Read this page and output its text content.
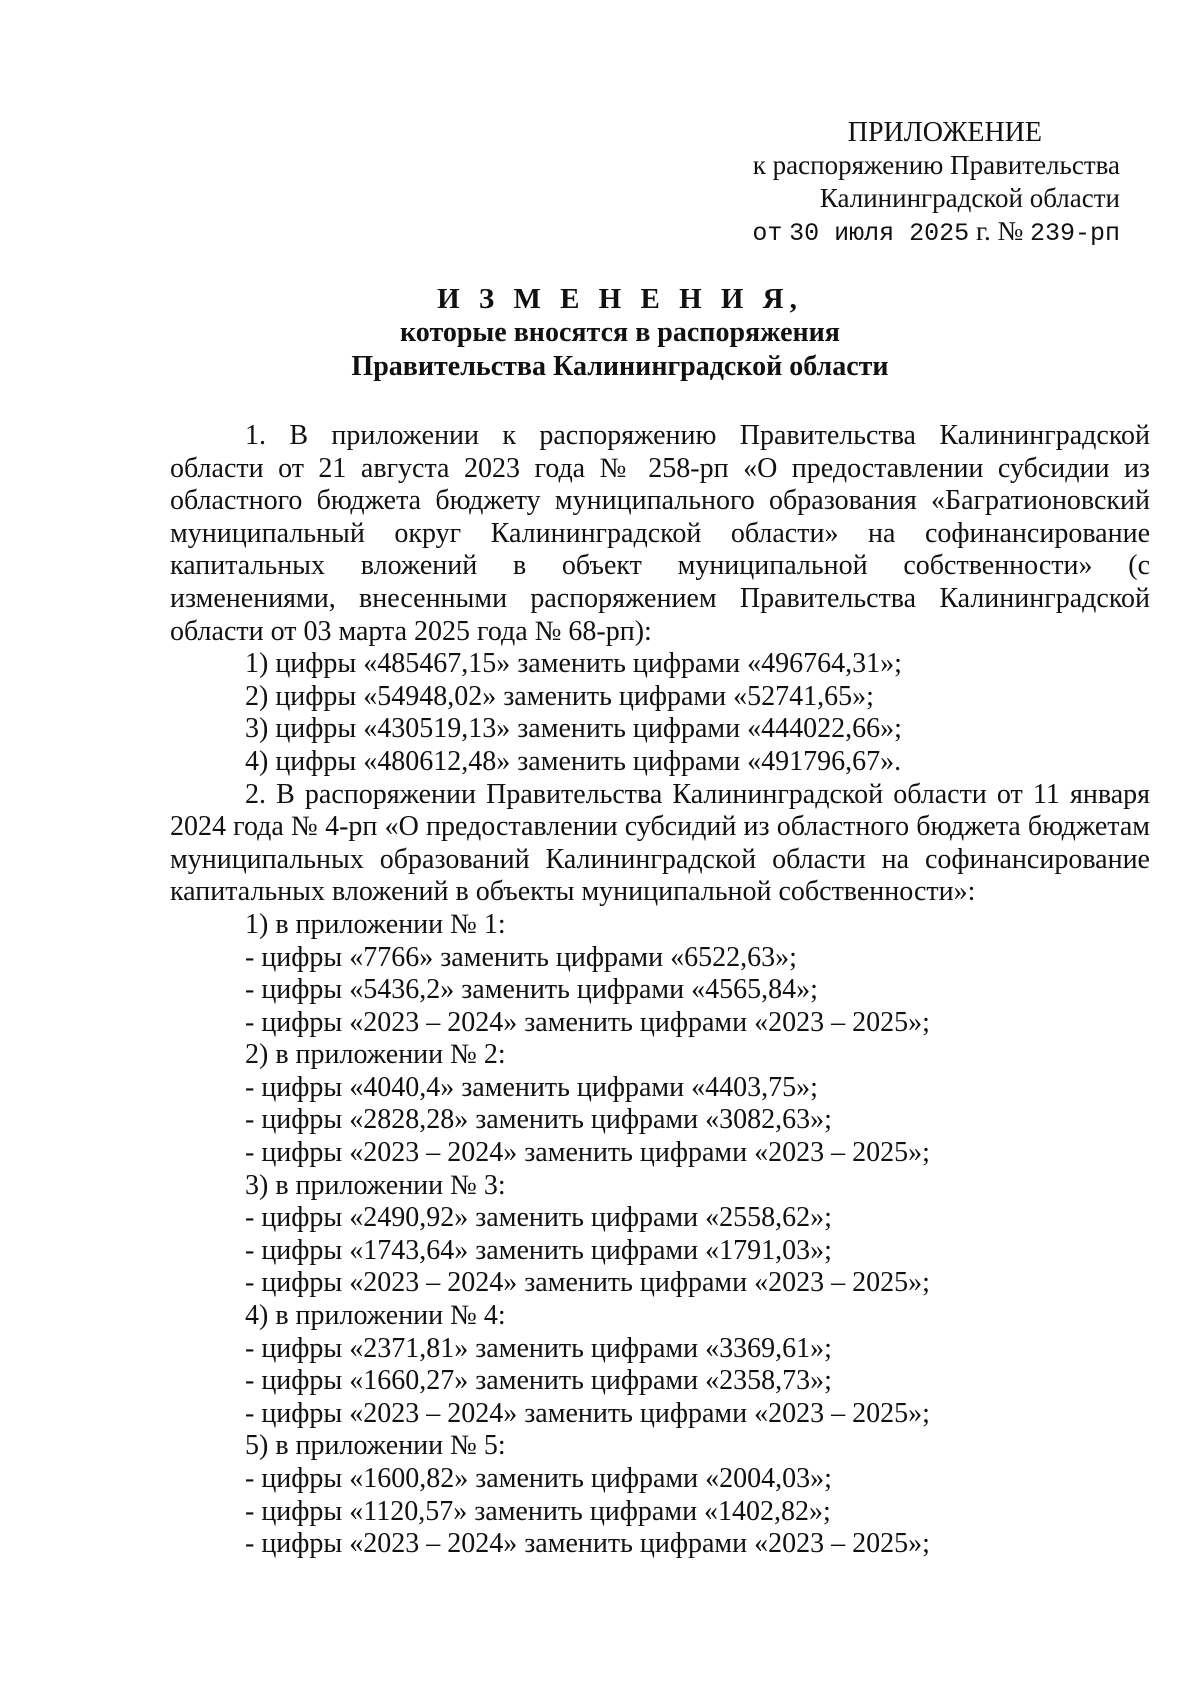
ПРИЛОЖЕНИЕ
к распоряжению Правительства
Калининградской области
от 30 июля 2025 г. № 239-рп
И З М Е Н Е Н И Я,
которые вносятся в распоряжения
Правительства Калининградской области

1. В приложении к распоряжению Правительства Калининградской области от 21 августа 2023 года № 258-рп «О предоставлении субсидии из областного бюджета бюджету муниципального образования «Багратионовский муниципальный округ Калининградской области» на софинансирование капитальных вложений в объект муниципальной собственности» (с изменениями, внесенными распоряжением Правительства Калининградской области от 03 марта 2025 года № 68-рп):

1) цифры «485467,15» заменить цифрами «496764,31»;

2) цифры «54948,02» заменить цифрами «52741,65»;

3) цифры «430519,13» заменить цифрами «444022,66»;

4) цифры «480612,48» заменить цифрами «491796,67».

2. В распоряжении Правительства Калининградской области от 11 января 2024 года № 4-рп «О предоставлении субсидий из областного бюджета бюджетам муниципальных образований Калининградской области на софинансирование капитальных вложений в объекты муниципальной собственности»:

1) в приложении № 1:

- цифры «7766» заменить цифрами «6522,63»;

- цифры «5436,2» заменить цифрами «4565,84»;

- цифры «2023 – 2024» заменить цифрами «2023 – 2025»;

2) в приложении № 2:

- цифры «4040,4» заменить цифрами «4403,75»;

- цифры «2828,28» заменить цифрами «3082,63»;

- цифры «2023 – 2024» заменить цифрами «2023 – 2025»;

3) в приложении № 3:

- цифры «2490,92» заменить цифрами «2558,62»;

- цифры «1743,64» заменить цифрами «1791,03»;

- цифры «2023 – 2024» заменить цифрами «2023 – 2025»;

4) в приложении № 4:

- цифры «2371,81» заменить цифрами «3369,61»;

- цифры «1660,27» заменить цифрами «2358,73»;

- цифры «2023 – 2024» заменить цифрами «2023 – 2025»;

5) в приложении № 5:

- цифры «1600,82» заменить цифрами «2004,03»;

- цифры «1120,57» заменить цифрами «1402,82»;

- цифры «2023 – 2024» заменить цифрами «2023 – 2025»;
